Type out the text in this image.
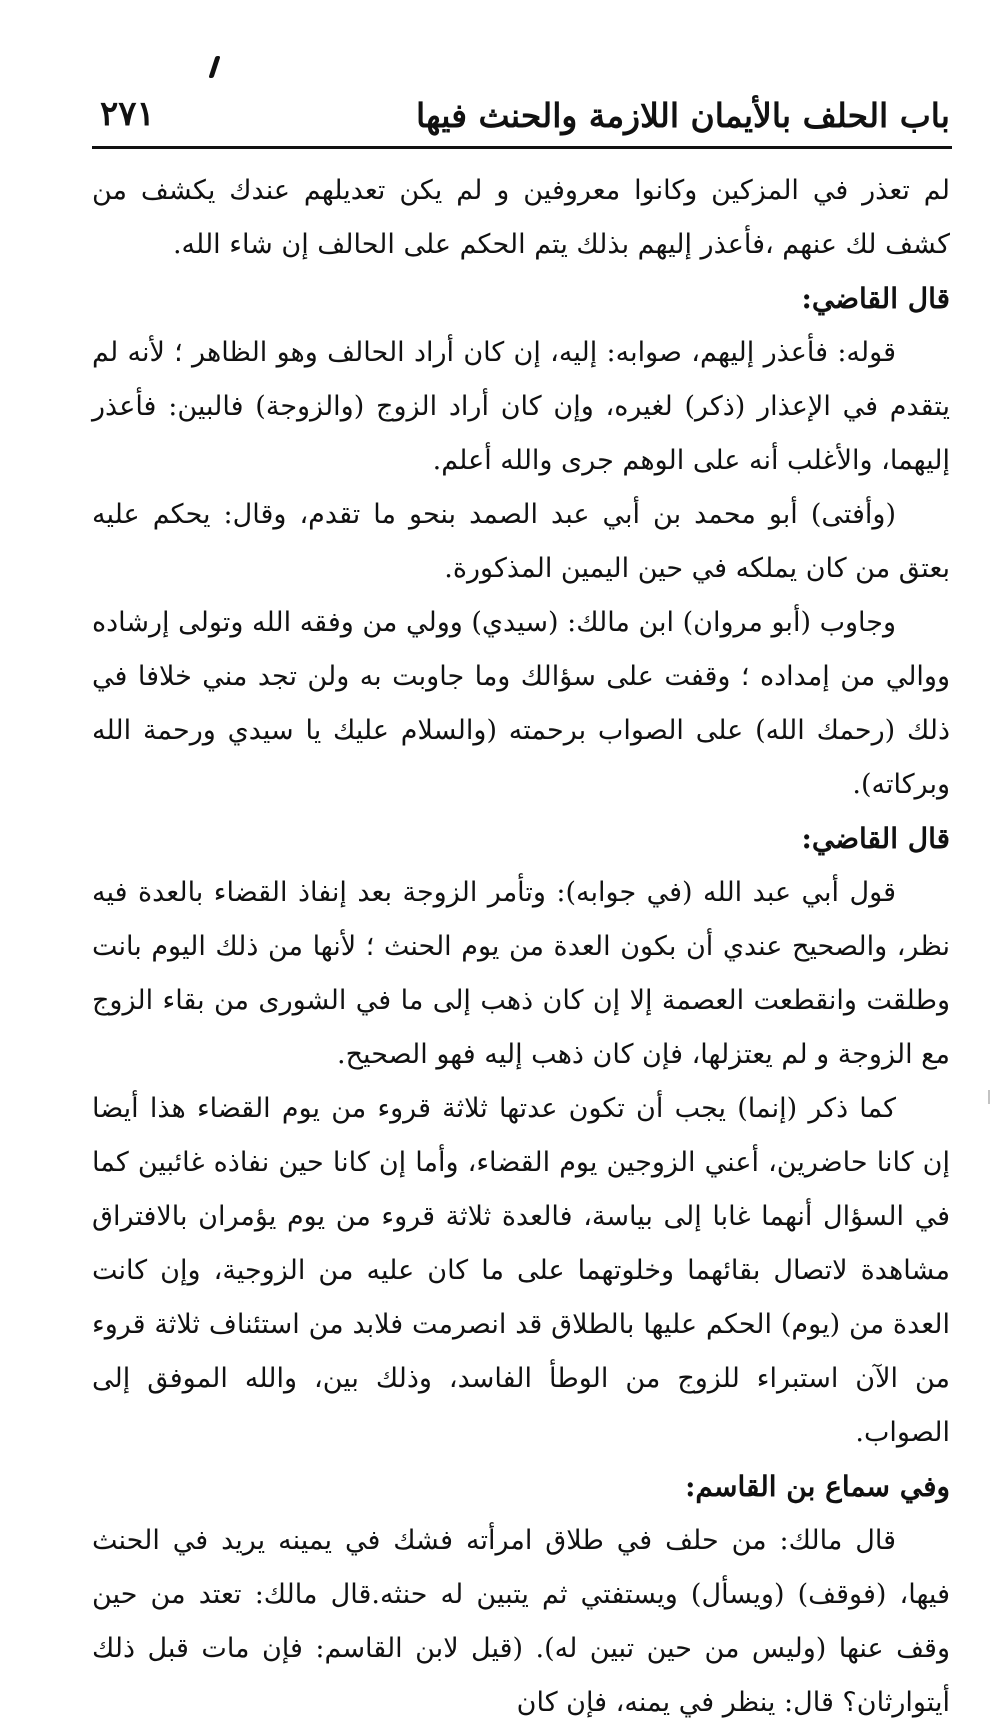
باب الحلف بالأيمان اللازمة والحنث فيها
٢٧١

لم تعذر في المزكين وكانوا معروفين و لم يكن تعديلهم عندك يكشف من كشف لك عنهم ،فأعذر إليهم بذلك يتم الحكم على الحالف إن شاء الله.

قال القاضي:

قوله: فأعذر إليهم، صوابه: إليه، إن كان أراد الحالف وهو الظاهر ؛ لأنه لم يتقدم في الإعذار (ذكر) لغيره، وإن كان أراد الزوج (والزوجة) فالبين: فأعذر إليهما، والأغلب أنه على الوهم جرى والله أعلم.

(وأفتى) أبو محمد بن أبي عبد الصمد بنحو ما تقدم، وقال: يحكم عليه بعتق من كان يملكه في حين اليمين المذكورة.

وجاوب (أبو مروان) ابن مالك: (سيدي) وولي من وفقه الله وتولى إرشاده ووالي من إمداده ؛ وقفت على سؤالك وما جاوبت به ولن تجد مني خلافا في ذلك (رحمك الله) على الصواب برحمته (والسلام عليك يا سيدي ورحمة الله وبركاته).

قال القاضي:

قول أبي عبد الله (في جوابه): وتأمر الزوجة بعد إنفاذ القضاء بالعدة فيه نظر، والصحيح عندي أن بكون العدة من يوم الحنث ؛ لأنها من ذلك اليوم بانت وطلقت وانقطعت العصمة إلا إن كان ذهب إلى ما في الشورى من بقاء الزوج مع الزوجة و لم يعتزلها، فإن كان ذهب إليه فهو الصحيح.

كما ذكر (إنما) يجب أن تكون عدتها ثلاثة قروء من يوم القضاء هذا أيضا إن كانا حاضرين، أعني الزوجين يوم القضاء، وأما إن كانا حين نفاذه غائبين كما في السؤال أنهما غابا إلى بياسة، فالعدة ثلاثة قروء من يوم يؤمران بالافتراق مشاهدة لاتصال بقائهما وخلوتهما على ما كان عليه من الزوجية، وإن كانت العدة من (يوم) الحكم عليها بالطلاق قد انصرمت فلابد من استئناف ثلاثة قروء من الآن استبراء للزوج من الوطأ الفاسد، وذلك بين، والله الموفق إلى الصواب.

وفي سماع بن القاسم:

قال مالك: من حلف في طلاق امرأته فشك في يمينه يريد في الحنث فيها، (فوقف) (ويسأل) ويستفتي ثم يتبين له حنثه.قال مالك: تعتد من حين وقف عنها (وليس من حين تبين له). (قيل لابن القاسم: فإن مات قبل ذلك أيتوارثان؟ قال: ينظر في يمنه، فإن كان
